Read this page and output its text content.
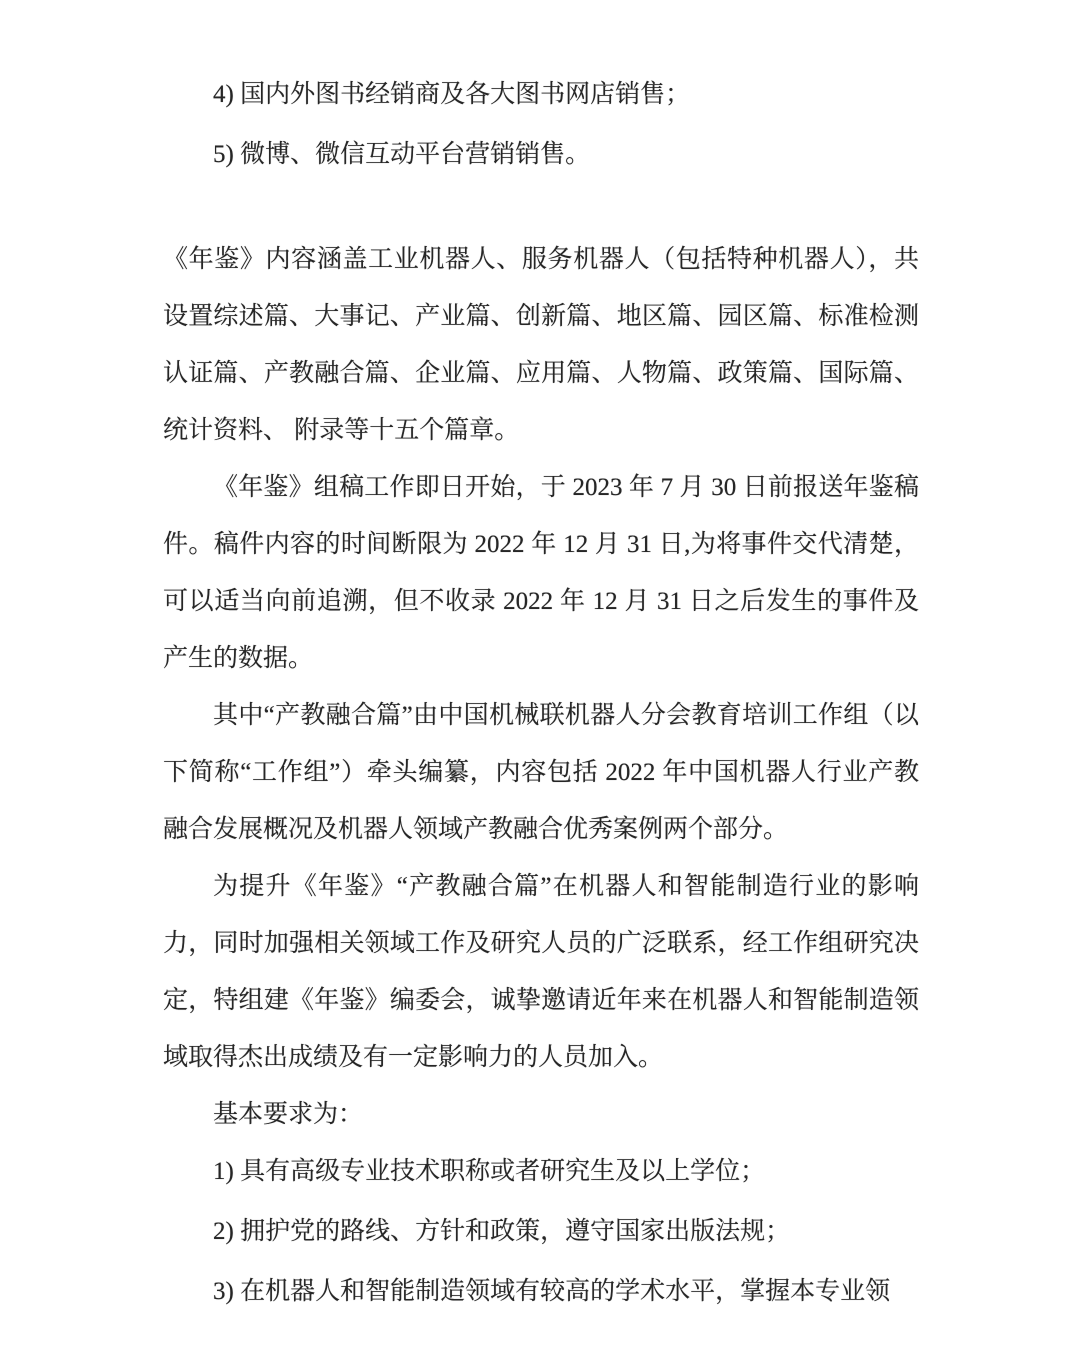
4) 国内外图书经销商及各大图书网店销售；

5) 微博、微信互动平台营销销售。

《年鉴》内容涵盖工业机器人、服务机器人（包括特种机器人），共设置综述篇、大事记、产业篇、创新篇、地区篇、园区篇、标准检测认证篇、产教融合篇、企业篇、应用篇、人物篇、政策篇、国际篇、统计资料、 附录等十五个篇章。

《年鉴》组稿工作即日开始，于 2023 年 7 月 30 日前报送年鉴稿件。稿件内容的时间断限为 2022 年 12 月 31 日,为将事件交代清楚，可以适当向前追溯，但不收录 2022 年 12 月 31 日之后发生的事件及产生的数据。

其中“产教融合篇”由中国机械联机器人分会教育培训工作组（以下简称“工作组”）牵头编纂，内容包括 2022 年中国机器人行业产教融合发展概况及机器人领域产教融合优秀案例两个部分。

为提升《年鉴》“产教融合篇”在机器人和智能制造行业的影响力，同时加强相关领域工作及研究人员的广泛联系，经工作组研究决定，特组建《年鉴》编委会，诚挚邀请近年来在机器人和智能制造领域取得杰出成绩及有一定影响力的人员加入。

基本要求为：

1) 具有高级专业技术职称或者研究生及以上学位；

2) 拥护党的路线、方针和政策，遵守国家出版法规；

3) 在机器人和智能制造领域有较高的学术水平，掌握本专业领
